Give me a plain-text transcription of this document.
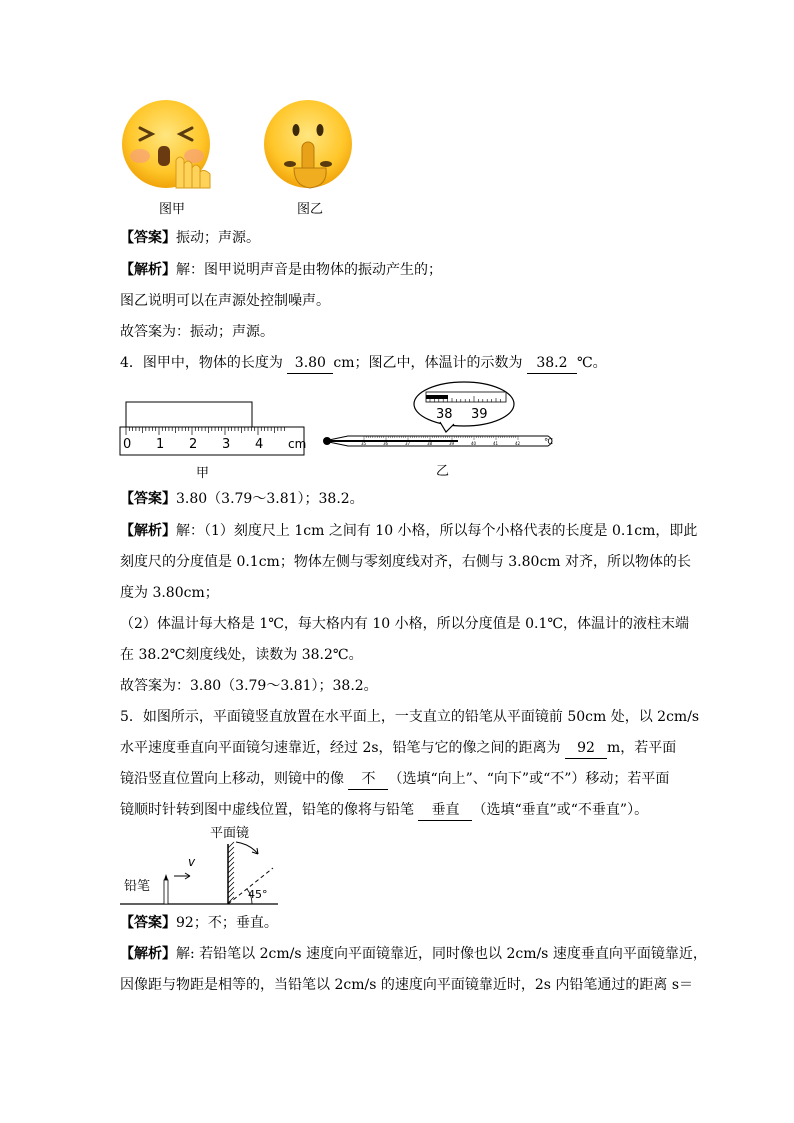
图甲	图乙
【答案】振动；声源。
【解析】解：图甲说明声音是由物体的振动产生的；
图乙说明可以在声源处控制噪声。
故答案为：振动；声源。
4．图甲中，物体的长度为 3.80 cm；图乙中，体温计的示数为 38.2 ℃。
0 1 2 3 4 cm
甲
38 39
35	36	37	38	39	40	41	42	℃
乙
【答案】3.80（3.79～3.81）；38.2。
【解析】解：（1）刻度尺上 1cm 之间有 10 小格，所以每个小格代表的长度是 0.1cm，即此
刻度尺的分度值是 0.1cm；物体左侧与零刻度线对齐，右侧与 3.80cm 对齐，所以物体的长
度为 3.80cm；
（2）体温计每大格是 1℃，每大格内有 10 小格，所以分度值是 0.1℃，体温计的液柱末端
在 38.2℃刻度线处，读数为 38.2℃。
故答案为：3.80（3.79～3.81）；38.2。
5．如图所示，平面镜竖直放置在水平面上，一支直立的铅笔从平面镜前 50cm 处，以 2cm/s
水平速度垂直向平面镜匀速靠近，经过 2s，铅笔与它的像之间的距离为 92 m，若平面
镜沿竖直位置向上移动，则镜中的像 不 （选填“向上”、“向下”或“不”）移动；若平面
镜顺时针转到图中虚线位置，铅笔的像将与铅笔 垂直 （选填“垂直”或“不垂直”）。
平面镜
45°
v
铅笔
【答案】92；不；垂直。
【解析】解: 若铅笔以 2cm/s 速度向平面镜靠近，同时像也以 2cm/s 速度垂直向平面镜靠近，
因像距与物距是相等的，当铅笔以 2cm/s 的速度向平面镜靠近时，2s 内铅笔通过的距离 s＝
